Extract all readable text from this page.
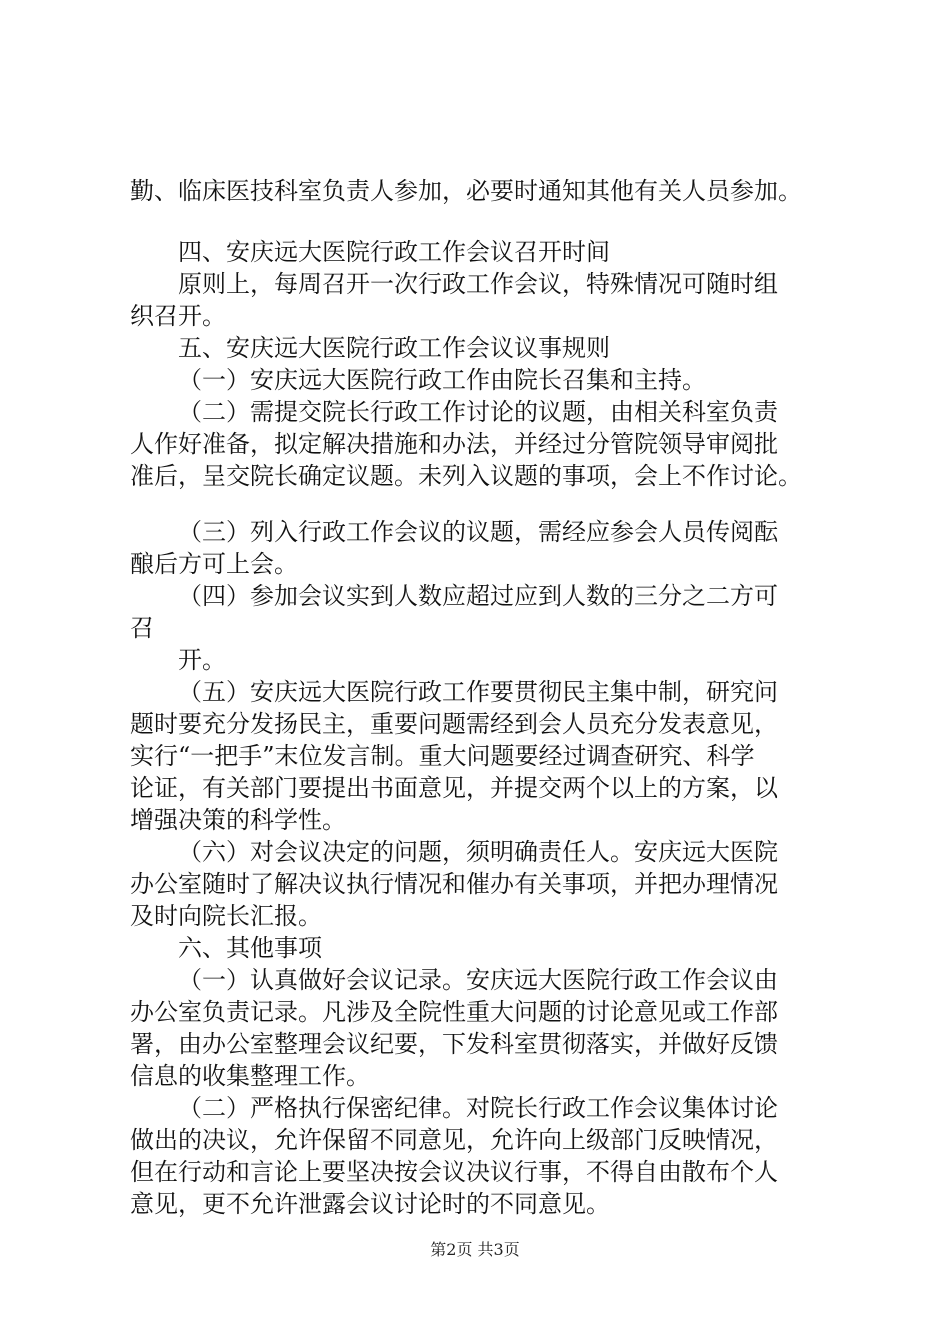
勤、临床医技科室负责人参加，必要时通知其他有关人员参加。
四、安庆远大医院行政工作会议召开时间
原则上，每周召开一次行政工作会议，特殊情况可随时组
织召开。
五、安庆远大医院行政工作会议议事规则
（一）安庆远大医院行政工作由院长召集和主持。
（二）需提交院长行政工作讨论的议题，由相关科室负责
人作好准备，拟定解决措施和办法，并经过分管院领导审阅批
准后，呈交院长确定议题。未列入议题的事项，会上不作讨论。
（三）列入行政工作会议的议题，需经应参会人员传阅酝
酿后方可上会。
（四）参加会议实到人数应超过应到人数的三分之二方可
召
开。
（五）安庆远大医院行政工作要贯彻民主集中制，研究问
题时要充分发扬民主，重要问题需经到会人员充分发表意见，
实行“一把手”末位发言制。重大问题要经过调查研究、科学
论证，有关部门要提出书面意见，并提交两个以上的方案，以
增强决策的科学性。
（六）对会议决定的问题，须明确责任人。安庆远大医院
办公室随时了解决议执行情况和催办有关事项，并把办理情况
及时向院长汇报。
六、其他事项
（一）认真做好会议记录。安庆远大医院行政工作会议由
办公室负责记录。凡涉及全院性重大问题的讨论意见或工作部
署，由办公室整理会议纪要，下发科室贯彻落实，并做好反馈
信息的收集整理工作。
（二）严格执行保密纪律。对院长行政工作会议集体讨论
做出的决议，允许保留不同意见，允许向上级部门反映情况，
但在行动和言论上要坚决按会议决议行事，不得自由散布个人
意见，更不允许泄露会议讨论时的不同意见。
第2页 共3页
